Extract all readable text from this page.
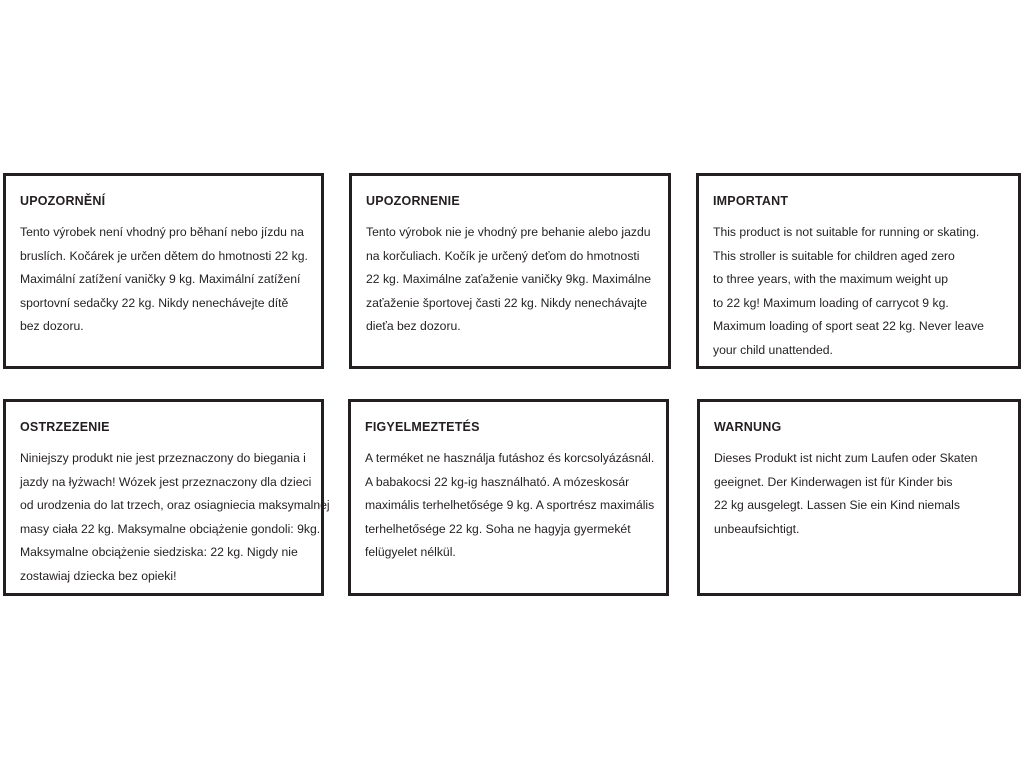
UPOZORNĚNÍ
Tento výrobek není vhodný pro běhaní nebo jízdu na
bruslích. Kočárek je určen dětem do hmotnosti 22 kg.
Maximální zatížení vaničky 9 kg. Maximální zatížení
sportovní sedačky 22 kg. Nikdy nenechávejte dítě
bez dozoru.
UPOZORNENIE
Tento výrobok nie je vhodný pre behanie alebo jazdu
na korčuliach. Kočík je určený deťom do hmotnosti
22 kg. Maximálne zaťaženie vaničky 9kg. Maximálne
zaťaženie športovej časti 22 kg. Nikdy nenechávajte
dieťa bez dozoru.
IMPORTANT
This product is not suitable for running or skating.
This stroller is suitable for children aged zero
to three years, with the maximum weight up
to 22 kg! Maximum loading of carrycot 9 kg.
Maximum loading of sport seat 22 kg. Never leave
your child unattended.
OSTRZEZENIE
Niniejszy produkt nie jest przeznaczony do biegania i
jazdy na łyżwach! Wózek jest przeznaczony dla dzieci
od urodzenia do lat trzech, oraz osiagniecia maksymalnej
masy ciała 22 kg. Maksymalne obciążenie gondoli: 9kg.
Maksymalne obciążenie siedziska: 22 kg. Nigdy nie
zostawiaj dziecka bez opieki!
FIGYELMEZTETÉS
A terméket ne használja futáshoz és korcsolyázásnál.
A babakocsi 22 kg-ig használható. A mózeskosár
maximális terhelhetősége 9 kg. A sportrész maximális
terhelhetősége 22 kg. Soha ne hagyja gyermekét
felügyelet nélkül.
WARNUNG
Dieses Produkt ist nicht zum Laufen oder Skaten
geeignet. Der Kinderwagen ist für Kinder bis
22 kg ausgelegt. Lassen Sie ein Kind niemals
unbeaufsichtigt.
